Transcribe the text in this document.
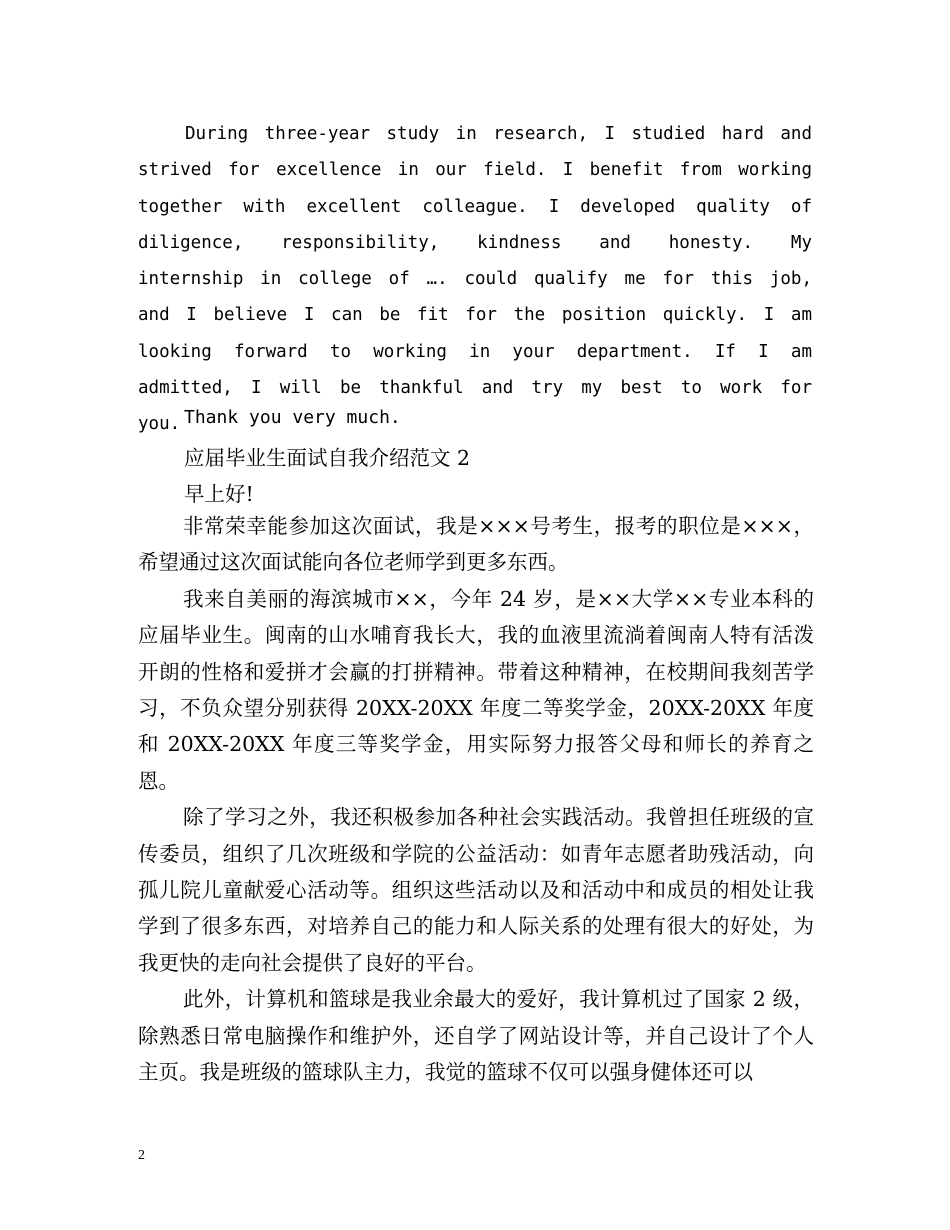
During three-year study in research, I studied hard and strived for excellence in our field. I benefit from working together with excellent colleague. I developed quality of diligence, responsibility, kindness and honesty. My internship in college of …. could qualify me for this job, and I believe I can be fit for the position quickly. I am looking forward to working in your department. If I am admitted, I will be thankful and try my best to work for you. Thank you very much.
应届毕业生面试自我介绍范文 2
早上好!

非常荣幸能参加这次面试，我是×××号考生，报考的职位是×××，希望通过这次面试能向各位老师学到更多东西。

我来自美丽的海滨城市××，今年 24 岁，是××大学××专业本科的应届毕业生。闽南的山水哺育我长大，我的血液里流淌着闽南人特有活泼开朗的性格和爱拼才会赢的打拼精神。带着这种精神，在校期间我刻苦学习，不负众望分别获得 20XX-20XX 年度二等奖学金，20XX-20XX 年度和 20XX-20XX 年度三等奖学金，用实际努力报答父母和师长的养育之恩。

除了学习之外，我还积极参加各种社会实践活动。我曾担任班级的宣传委员，组织了几次班级和学院的公益活动：如青年志愿者助残活动，向孤儿院儿童献爱心活动等。组织这些活动以及和活动中和成员的相处让我学到了很多东西，对培养自己的能力和人际关系的处理有很大的好处，为我更快的走向社会提供了良好的平台。

此外，计算机和篮球是我业余最大的爱好，我计算机过了国家 2 级，除熟悉日常电脑操作和维护外，还自学了网站设计等，并自己设计了个人主页。我是班级的篮球队主力，我觉的篮球不仅可以强身健体还可以

2
